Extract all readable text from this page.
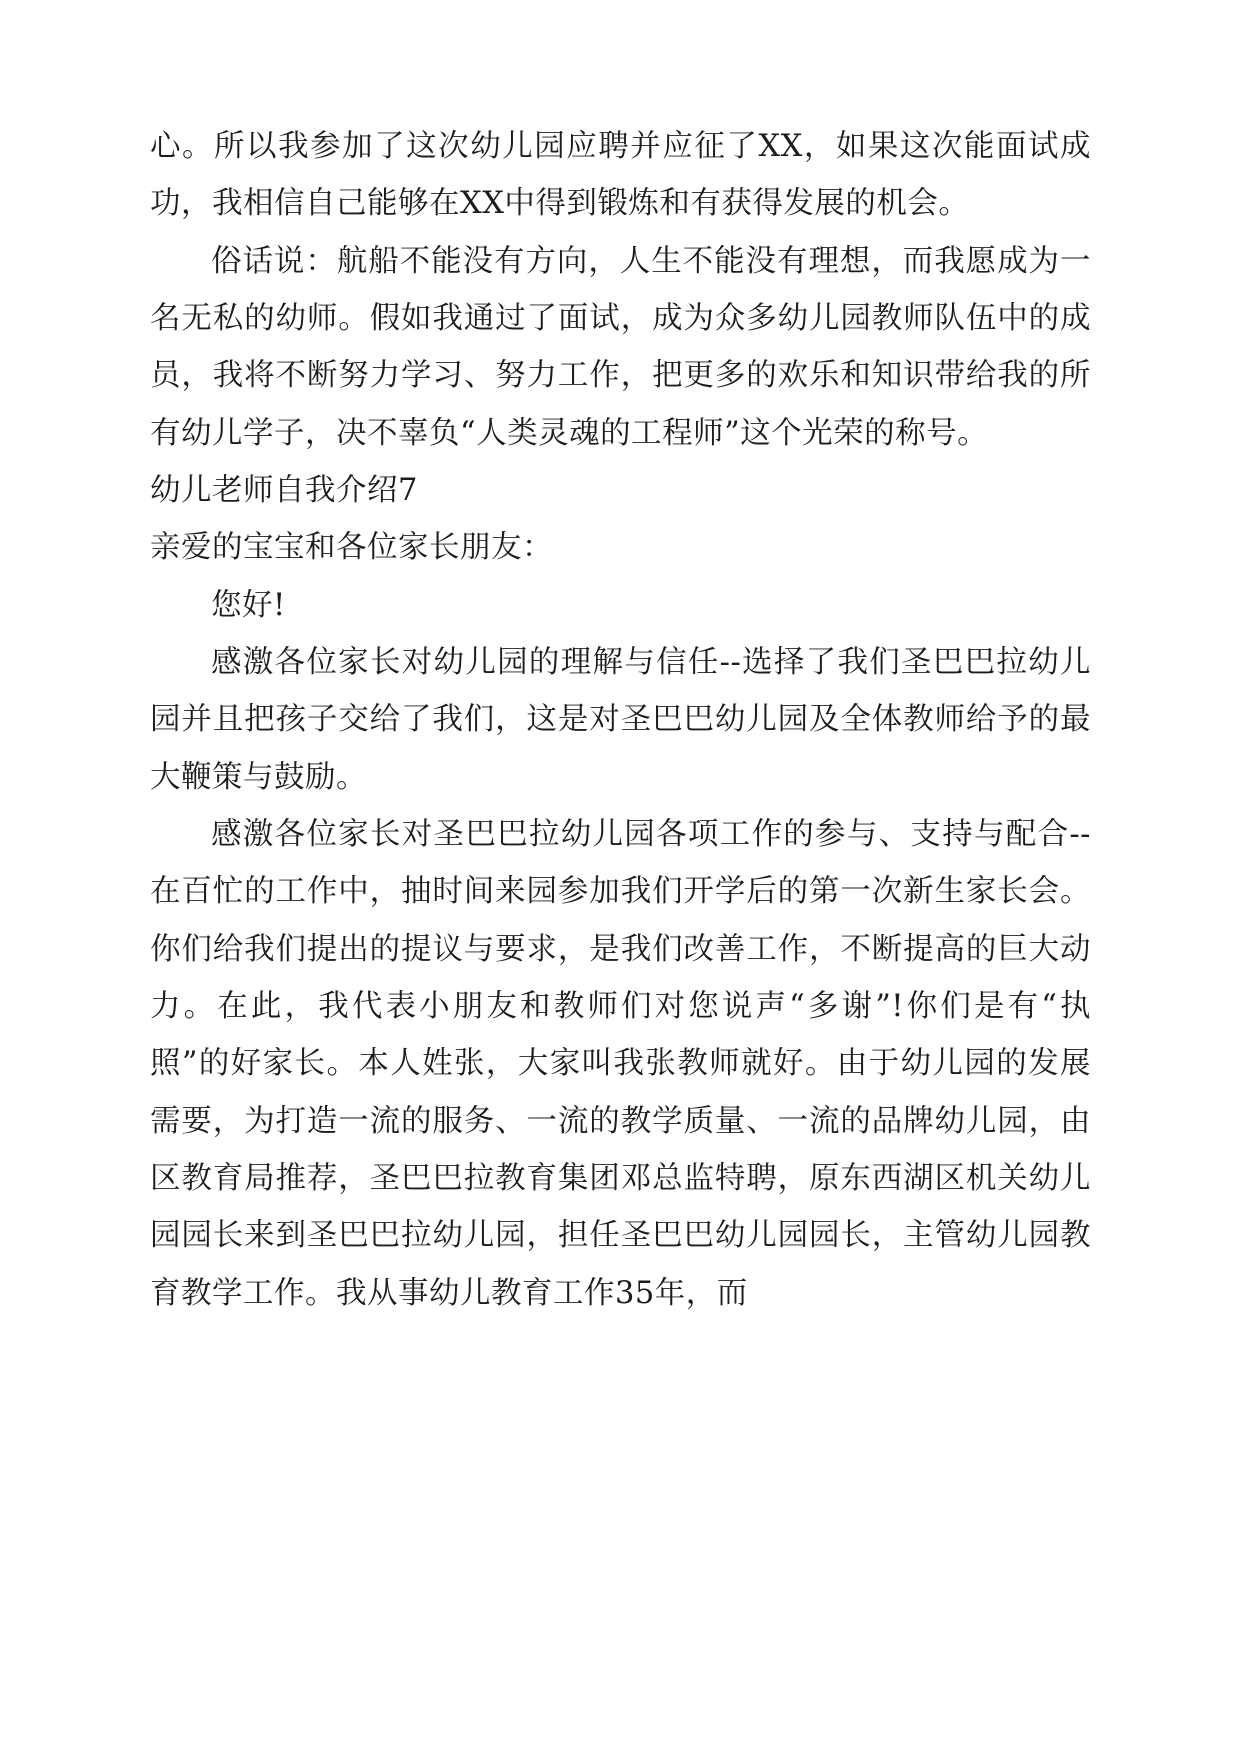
心。所以我参加了这次幼儿园应聘并应征了XX，如果这次能面试成功，我相信自己能够在XX中得到锻炼和有获得发展的机会。

俗话说：航船不能没有方向，人生不能没有理想，而我愿成为一名无私的幼师。假如我通过了面试，成为众多幼儿园教师队伍中的成员，我将不断努力学习、努力工作，把更多的欢乐和知识带给我的所有幼儿学子，决不辜负“人类灵魂的工程师”这个光荣的称号。

幼儿老师自我介绍7

亲爱的宝宝和各位家长朋友：

您好!

感激各位家长对幼儿园的理解与信任--选择了我们圣巴巴拉幼儿园并且把孩子交给了我们，这是对圣巴巴幼儿园及全体教师给予的最大鞭策与鼓励。

感激各位家长对圣巴巴拉幼儿园各项工作的参与、支持与配合--在百忙的工作中，抽时间来园参加我们开学后的第一次新生家长会。你们给我们提出的提议与要求，是我们改善工作，不断提高的巨大动力。在此，我代表小朋友和教师们对您说声“多谢”!你们是有“执照”的好家长。本人姓张，大家叫我张教师就好。由于幼儿园的发展需要，为打造一流的服务、一流的教学质量、一流的品牌幼儿园，由区教育局推荐，圣巴巴拉教育集团邓总监特聘，原东西湖区机关幼儿园园长来到圣巴巴拉幼儿园，担任圣巴巴幼儿园园长，主管幼儿园教育教学工作。我从事幼儿教育工作35年，而
